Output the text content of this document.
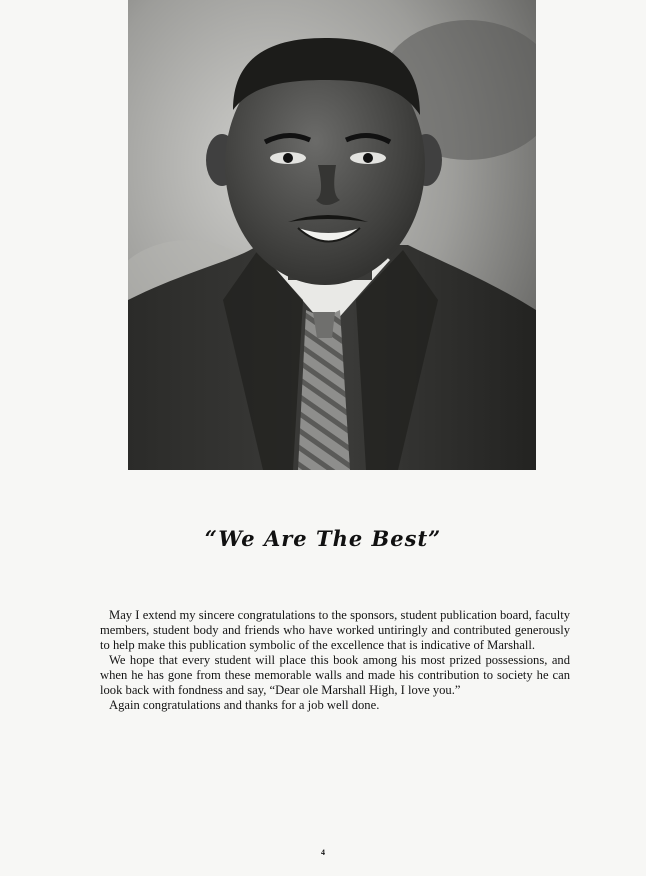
“We Are The Best”

May I extend my sincere congratulations to the sponsors, student publication board, faculty members, student body and friends who have worked untiringly and contributed generously to help make this publication symbolic of the excellence that is indicative of Marshall.

We hope that every student will place this book among his most prized possessions, and when he has gone from these memorable walls and made his contribution to society he can look back with fondness and say, “Dear ole Marshall High, I love you.”

Again congratulations and thanks for a job well done.

4
